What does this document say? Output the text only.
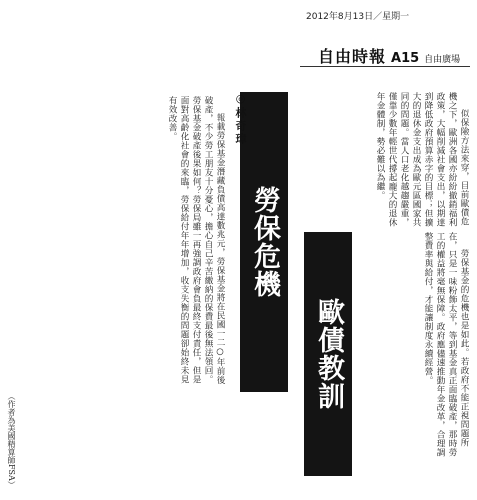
2012年8月13日／星期一
自由時報 A15 自由廣場

似保險方法來穿，目前歐債危機之下，歐洲各國亦紛紛撤銷福利政策，大幅削減社會支出，以期達到降低政府預算赤字的目標；但擴大的退休金支出成為歐元區國家共同的問題。當人口老化越趨嚴重，僅靠少數年輕世代撐起龐大的退休年金體制，勢必難以為繼。

勞保危機
歐債教訓	勞保基金的危機也是如此。若政府不能正視問題所在，只是一味粉飾太平，等到基金真正面臨破產，那時勞工的權益將毫無保障。政府應儘速推動年金改革，合理調整費率與給付，才能讓制度永續經營。

◎林奇璋

報載勞保基金潛藏負債高達數兆元，勞保基金將在民國一二○年前後破產，不少勞工朋友十分憂心，擔心自己辛苦繳納的保費最後無法領回。勞保基金破產後果如何？勞保局雖一再強調政府會負最終支付責任，但是面對高齡化社會的來臨，勞保給付年年增加，收支失衡的問題卻始終未見有效改善。

（作者為美國精算師FSA）
